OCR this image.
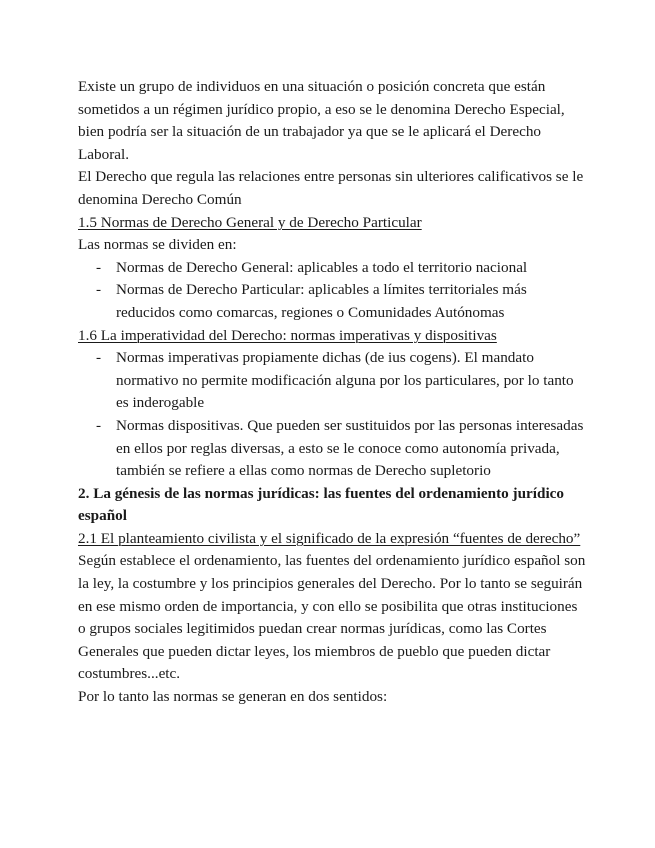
Existe un grupo de individuos en una situación o posición concreta que están sometidos a un régimen jurídico propio, a eso se le denomina Derecho Especial, bien podría ser la situación de un trabajador ya que se le aplicará el Derecho Laboral.

El Derecho que regula las relaciones entre personas sin ulteriores calificativos se le denomina Derecho Común

1.5 Normas de Derecho General y de Derecho Particular

Las normas se dividen en:

- Normas de Derecho General: aplicables a todo el territorio nacional
- Normas de Derecho Particular: aplicables a límites territoriales más reducidos como comarcas, regiones o Comunidades Autónomas

1.6 La imperatividad del Derecho: normas imperativas y dispositivas

- Normas imperativas propiamente dichas (de ius cogens). El mandato normativo no permite modificación alguna por los particulares, por lo tanto es inderogable
- Normas dispositivas. Que pueden ser sustituidos por las personas interesadas en ellos por reglas diversas, a esto se le conoce como autonomía privada, también se refiere a ellas como normas de Derecho supletorio

2. La génesis de las normas jurídicas: las fuentes del ordenamiento jurídico español

2.1 El planteamiento civilista y el significado de la expresión “fuentes de derecho”

Según establece el ordenamiento, las fuentes del ordenamiento jurídico español son la ley, la costumbre y los principios generales del Derecho. Por lo tanto se seguirán en ese mismo orden de importancia, y con ello se posibilita que otras instituciones o grupos sociales legitimidos puedan crear normas jurídicas, como las Cortes Generales que pueden dictar leyes, los miembros de pueblo que pueden dictar costumbres...etc.

Por lo tanto las normas se generan en dos sentidos:
